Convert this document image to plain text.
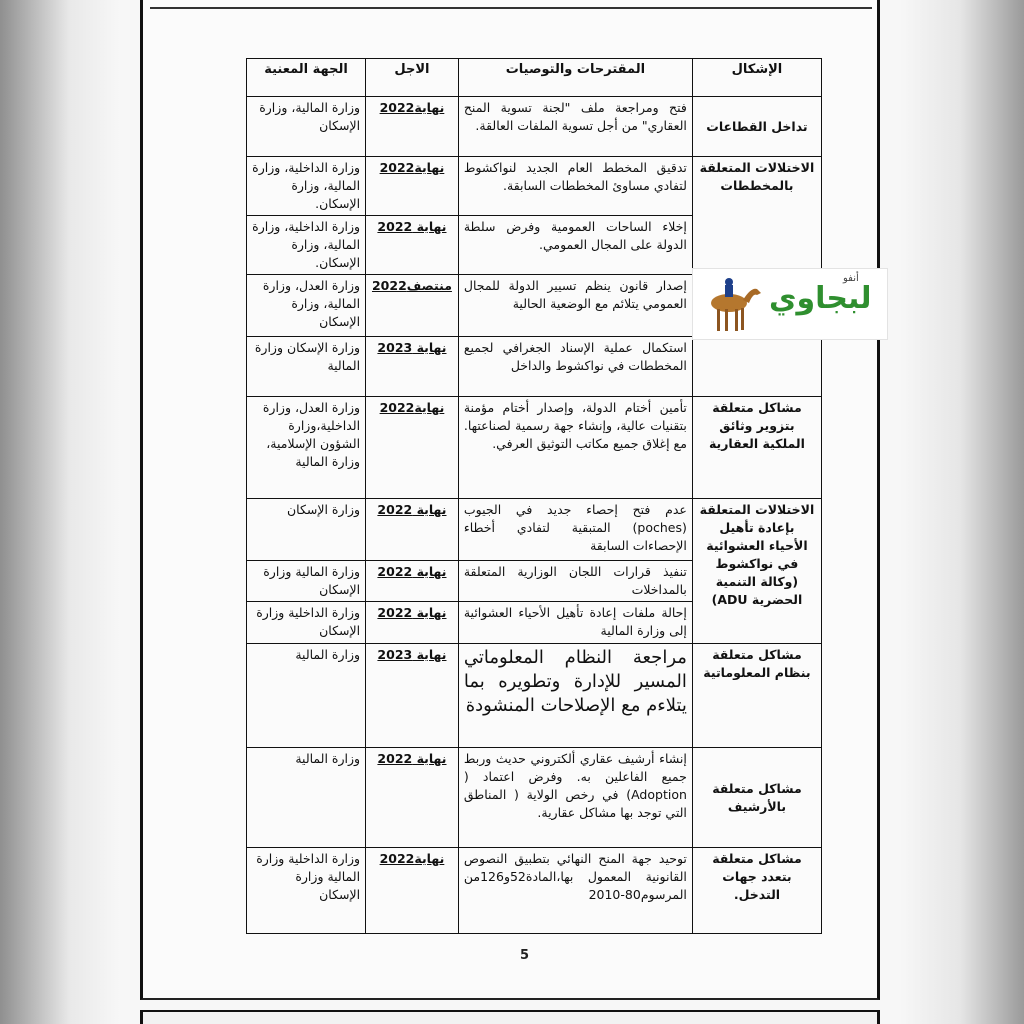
الإشكال	المقترحات والتوصيات	الاجل	الجهة المعنية
تداخل القطاعات	فتح ومراجعة ملف "لجنة تسوية المنح العقاري" من أجل تسوية الملفات العالقة.	نهاية2022	وزارة المالية، وزارة الإسكان
الاختلالات المتعلقة بالمخططات	تدقيق المخطط العام الجديد لنواكشوط لتفادي مساوئ المخططات السابقة.	نهاية2022	وزارة الداخلية، وزارة المالية، وزارة الإسكان.
	إخلاء الساحات العمومية وفرض سلطة الدولة على المجال العمومي.	نهاية 2022	وزارة الداخلية، وزارة المالية، وزارة الإسكان.
	إصدار قانون ينظم تسيير الدولة للمجال العمومي يتلائم مع الوضعية الحالية	منتصف2022	وزارة العدل، وزارة المالية، وزارة الإسكان
	استكمال عملية الإسناد الجغرافي لجميع المخططات في نواكشوط والداخل	نهاية 2023	وزارة الإسكان وزارة المالية
مشاكل متعلقة بتزوير وثائق الملكية العقارية	تأمين أختام الدولة، وإصدار أختام مؤمنة بتقنيات عالية، وإنشاء جهة رسمية لصناعتها. مع إغلاق جميع مكاتب التوثيق العرفي.	نهاية2022	وزارة العدل، وزارة الداخلية،وزارة الشؤون الإسلامية، وزارة المالية
الاختلالات المتعلقة بإعادة تأهيل الأحياء العشوائية في نواكشوط (وكالة التنمية الحضرية ADU)	عدم فتح إحصاء جديد في الجيوب (poches) المتبقية لتفادي أخطاء الإحصاءات السابقة	نهاية 2022	وزارة الإسكان
	تنفيذ قرارات اللجان الوزارية المتعلقة بالمداخلات	نهاية 2022	وزارة المالية وزارة الإسكان
	إحالة ملفات إعادة تأهيل الأحياء العشوائية إلى وزارة المالية	نهاية 2022	وزارة الداخلية وزارة الإسكان
مشاكل متعلقة بنظام المعلوماتية	مراجعة النظام المعلوماتي المسير للإدارة وتطويره بما يتلاءم مع الإصلاحات المنشودة	نهاية 2023	وزارة المالية
مشاكل متعلقة بالأرشيف	إنشاء أرشيف عقاري ألكتروني حديث وربط جميع الفاعلين به. وفرض اعتماد ( Adoption) في رخص الولاية ( المناطق التي توجد بها مشاكل عقارية.	نهاية 2022	وزارة المالية
مشاكل متعلقة بتعدد جهات التدخل.	توحيد جهة المنح النهائي بتطبيق النصوص القانونية المعمول بها،المادة52و126من المرسوم80-2010	نهاية2022	وزارة الداخلية وزارة المالية وزارة الإسكان
5
أنفو
لبجاوي
